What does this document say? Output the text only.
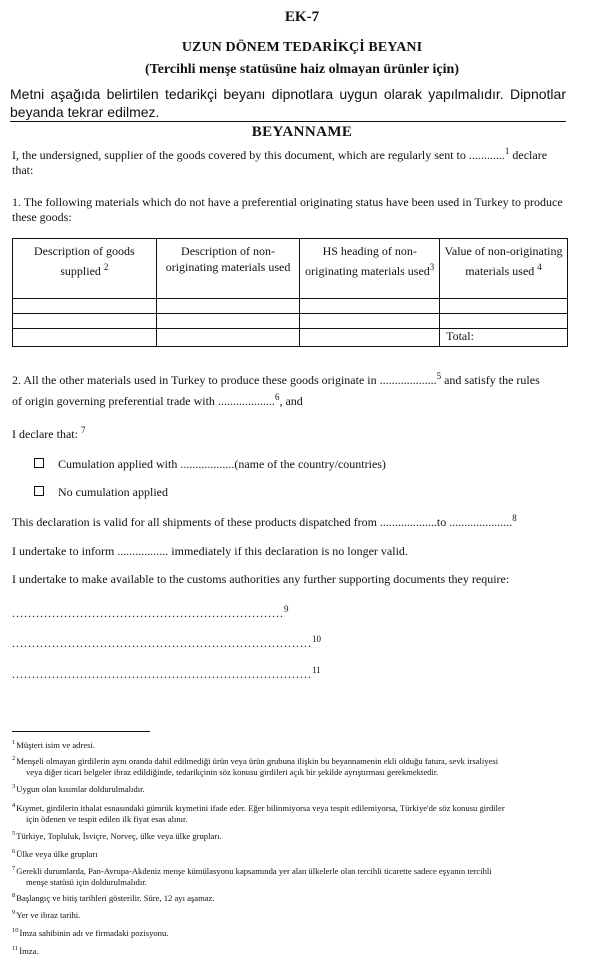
EK-7
UZUN DÖNEM TEDARİKÇİ BEYANI
(Tercihli menşe statüsüne haiz olmayan ürünler için)
Metni aşağıda belirtilen tedarikçi beyanı dipnotlara uygun olarak yapılmalıdır. Dipnotlar beyanda tekrar edilmez.
BEYANNAME
I, the undersigned, supplier of the goods covered by this document, which are regularly sent to ............$^1$ declare
that:
1. The following materials which do not have a preferential originating status have been used in Turkey to produce these goods:
Description of goods supplied $^2$	Description of non-originating materials used	HS heading of non-originating materials used$^3$	Value of non-originating materials used $^4$

			Total:
2. All the other materials used in Turkey to produce these goods originate in ...................$^5$ and satisfy the rules
of origin governing preferential trade with ...................$^6$, and
I declare that: $^7$
Cumulation applied with ..................(name of the country/countries)
No cumulation applied
This declaration is valid for all shipments of these products dispatched from ...................to .....................$^8$
I undertake to inform ................. immediately if this declaration is no longer valid.
I undertake to make available to the customs authorities any further supporting documents they require:
....................................................................$^9$
...........................................................................$^{10}$
...........................................................................$^{11}$
$^1$Müşteri isim ve adresi.
$^2$Menşeli olmayan girdilerin aynı oranda dahil edilmediği ürün veya ürün grubuna ilişkin bu beyannamenin ekli olduğu fatura, sevk irsaliyesi
veya diğer ticari belgeler ibraz edildiğinde, tedarikçinin söz konusu girdileri açık bir şekilde ayrıştırması gerekmektedir.
$^3$Uygun olan kısımlar doldurulmalıdır.
$^4$Kıymet, girdilerin ithalat esnasındaki gümrük kıymetini ifade eder. Eğer bilinmiyorsa veya tespit edilemiyorsa, Türkiye'de söz konusu girdiler
için ödenen ve tespit edilen ilk fiyat esas alınır.
$^5$Türkiye, Topluluk, İsviçre, Norveç, ülke veya ülke grupları.
$^6$Ülke veya ülke grupları
$^7$Gerekli durumlarda, Pan-Avrupa-Akdeniz menşe kümülasyonu kapsamında yer alan ülkelerle olan tercihli ticarette sadece eşyanın tercihli
menşe statüsü için doldurulmalıdır.
$^8$Başlangıç ve bitiş tarihleri gösterilir. Süre, 12 ayı aşamaz.
$^9$Yer ve ibraz tarihi.
$^{10}$İmza sahibinin adı ve firmadaki pozisyonu.
$^{11}$İmza.
